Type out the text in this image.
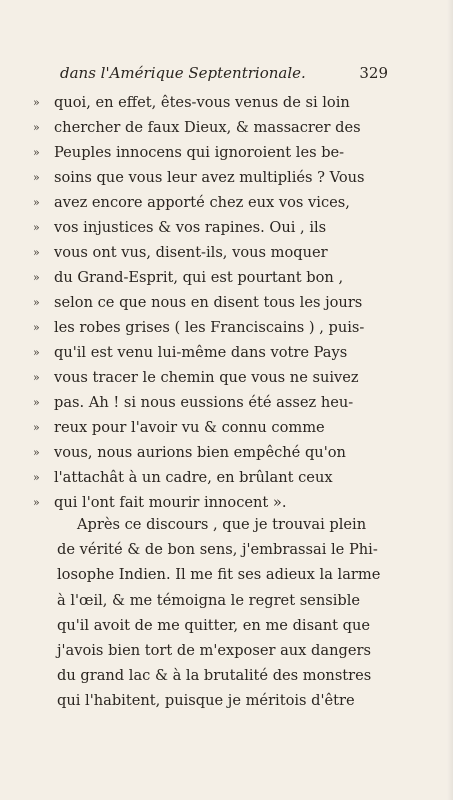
dans l'Amérique Septentrionale.	329
» quoi, en effet, êtes-vous venus de si loin
» chercher de faux Dieux, & massacrer des
» Peuples innocens qui ignoroient les be-
» soins que vous leur avez multipliés ? Vous
» avez encore apporté chez eux vos vices,
» vos injustices & vos rapines. Oui , ils
» vous ont vus, disent-ils, vous moquer
» du Grand-Esprit, qui est pourtant bon ,
» selon ce que nous en disent tous les jours
» les robes grises ( les Franciscains ) , puis-
» qu'il est venu lui-même dans votre Pays
» vous tracer le chemin que vous ne suivez
» pas. Ah ! si nous eussions été assez heu-
» reux pour l'avoir vu & connu comme
» vous, nous aurions bien empêché qu'on
» l'attachât à un cadre, en brûlant ceux
» qui l'ont fait mourir innocent ».
Après ce discours , que je trouvai plein
de vérité & de bon sens, j'embrassai le Phi-
losophe Indien. Il me fit ses adieux la larme
à l'œil, & me témoigna le regret sensible
qu'il avoit de me quitter, en me disant que
j'avois bien tort de m'exposer aux dangers
du grand lac & à la brutalité des monstres
qui l'habitent, puisque je méritois d'être
